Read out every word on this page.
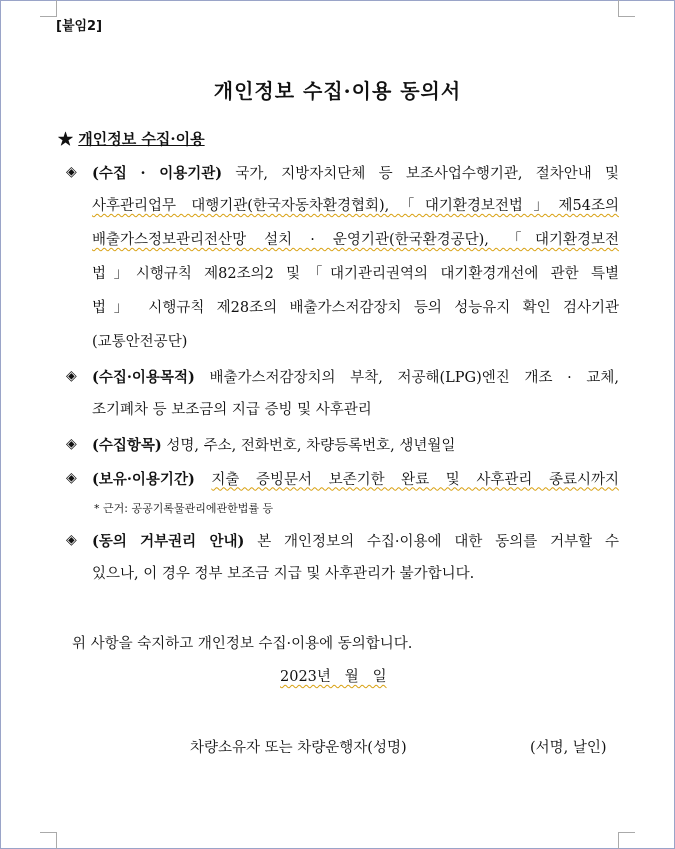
[붙임2]
개인정보 수집·이용 동의서
★ 개인정보 수집·이용
◈	(수집 · 이용기관) 국가, 지방자치단체 등 보조사업수행기관, 절차안내 및
사후관리업무 대행기관(한국자동차환경협회),「대기환경보전법」제54조의
배출가스정보관리전산망 설치 · 운영기관(한국환경공단), 「대기환경보전
법」시행규칙 제82조의2 및「대기관리권역의 대기환경개선에 관한 특별
법」 시행규칙 제28조의 배출가스저감장치 등의 성능유지 확인 검사기관
(교통안전공단)
◈	(수집·이용목적) 배출가스저감장치의 부착, 저공해(LPG)엔진 개조 · 교체,
조기폐차 등 보조금의 지급 증빙 및 사후관리
◈	(수집항목) 성명, 주소, 전화번호, 차량등록번호, 생년월일
◈	(보유·이용기간) 지출 증빙문서 보존기한 완료 및 사후관리 종료시까지
* 근거: 공공기록물관리에관한법률 등
◈	(동의 거부권리 안내) 본 개인정보의 수집·이용에 대한 동의를 거부할 수
있으나, 이 경우 정부 보조금 지급 및 사후관리가 불가합니다.
위 사항을 숙지하고 개인정보 수집·이용에 동의합니다.
2023년   월   일
차량소유자 또는 차량운행자(성명)	(서명, 날인)
